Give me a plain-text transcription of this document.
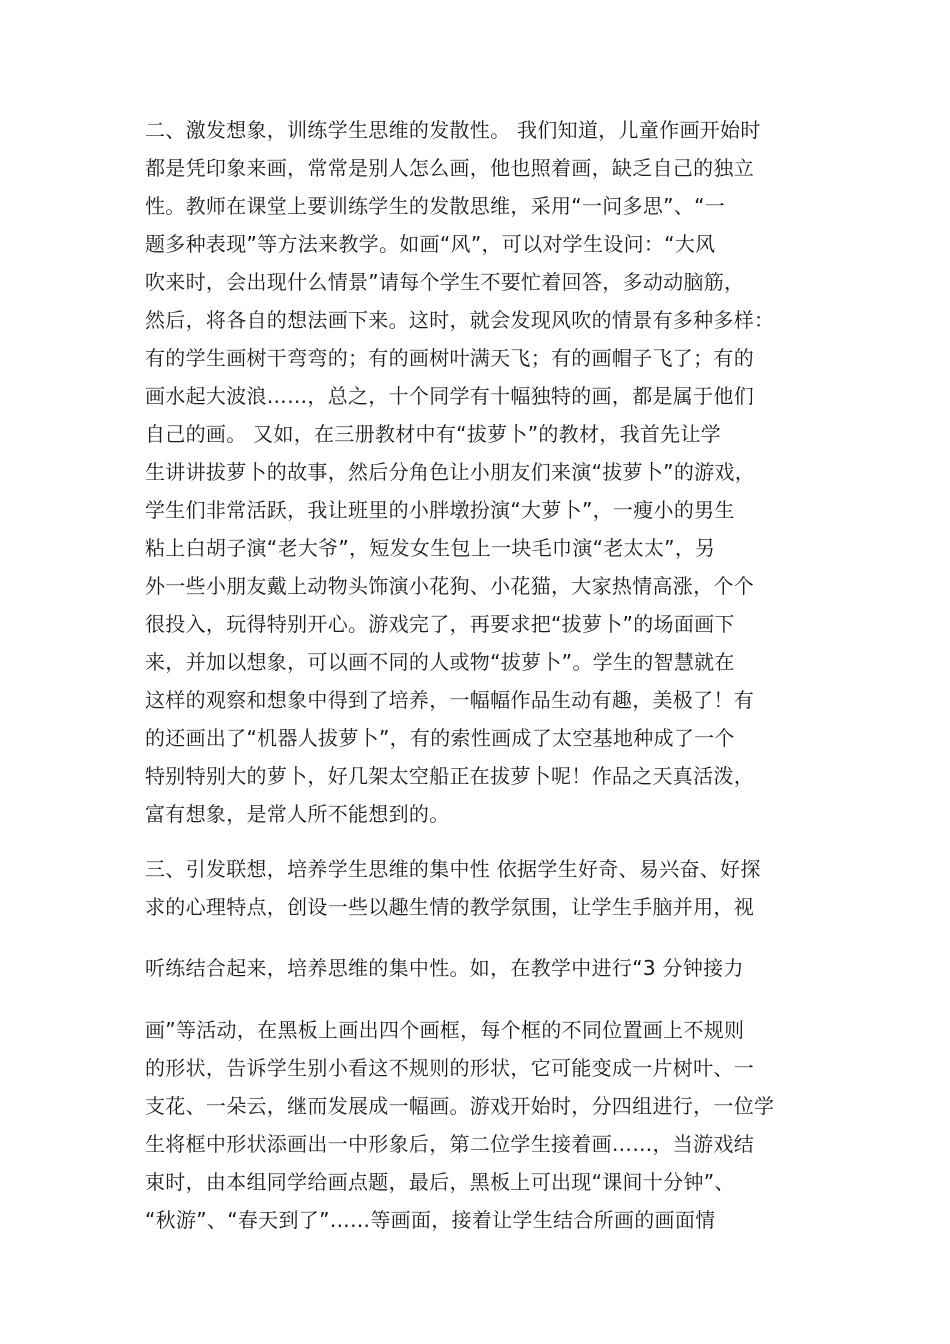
二、激发想象，训练学生思维的发散性。 我们知道，儿童作画开始时
都是凭印象来画，常常是别人怎么画，他也照着画，缺乏自己的独立
性。教师在课堂上要训练学生的发散思维，采用“一问多思”、“一
题多种表现”等方法来教学。如画“风”，可以对学生设问：“大风
吹来时，会出现什么情景”请每个学生不要忙着回答，多动动脑筋，
然后，将各自的想法画下来。这时，就会发现风吹的情景有多种多样：
有的学生画树干弯弯的；有的画树叶满天飞；有的画帽子飞了；有的
画水起大波浪……，总之，十个同学有十幅独特的画，都是属于他们
自己的画。 又如，在三册教材中有“拔萝卜”的教材，我首先让学
生讲讲拔萝卜的故事，然后分角色让小朋友们来演“拔萝卜”的游戏，
学生们非常活跃，我让班里的小胖墩扮演“大萝卜”，一瘦小的男生
粘上白胡子演“老大爷”，短发女生包上一块毛巾演“老太太”，另
外一些小朋友戴上动物头饰演小花狗、小花猫，大家热情高涨，个个
很投入，玩得特别开心。游戏完了，再要求把“拔萝卜”的场面画下
来，并加以想象，可以画不同的人或物“拔萝卜”。学生的智慧就在
这样的观察和想象中得到了培养，一幅幅作品生动有趣，美极了！有
的还画出了“机器人拔萝卜”，有的索性画成了太空基地种成了一个
特别特别大的萝卜，好几架太空船正在拔萝卜呢！作品之天真活泼，
富有想象，是常人所不能想到的。
三、引发联想，培养学生思维的集中性 依据学生好奇、易兴奋、好探
求的心理特点，创设一些以趣生情的教学氛围，让学生手脑并用，视
听练结合起来，培养思维的集中性。如，在教学中进行“3 分钟接力
画”等活动，在黑板上画出四个画框，每个框的不同位置画上不规则
的形状，告诉学生别小看这不规则的形状，它可能变成一片树叶、一
支花、一朵云，继而发展成一幅画。游戏开始时，分四组进行，一位学
生将框中形状添画出一中形象后，第二位学生接着画……，当游戏结
束时，由本组同学给画点题，最后，黑板上可出现“课间十分钟”、
“秋游”、“春天到了”……等画面，接着让学生结合所画的画面情
